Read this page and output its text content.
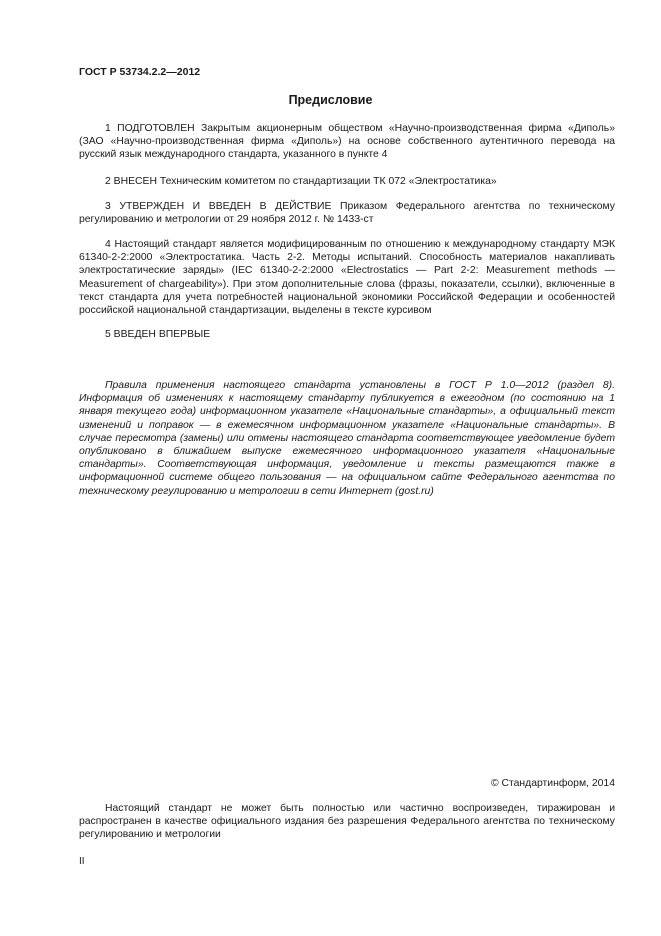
ГОСТ Р 53734.2.2—2012
Предисловие

1 ПОДГОТОВЛЕН Закрытым акционерным обществом «Научно-производственная фирма «Диполь» (ЗАО «Научно-производственная фирма «Диполь») на основе собственного аутентичного перевода на русский язык международного стандарта, указанного в пункте 4

2 ВНЕСЕН Техническим комитетом по стандартизации ТК 072 «Электростатика»

3 УТВЕРЖДЕН И ВВЕДЕН В ДЕЙСТВИЕ Приказом Федерального агентства по техническому регулированию и метрологии от 29 ноября 2012 г. № 1433-ст

4 Настоящий стандарт является модифицированным по отношению к международному стандарту МЭК 61340-2-2:2000 «Электростатика. Часть 2-2. Методы испытаний. Способность материалов накапливать электростатические заряды» (IEC 61340-2-2:2000 «Electrostatics — Part 2-2: Measurement methods — Measurement of chargeability»). При этом дополнительные слова (фразы, показатели, ссылки), включенные в текст стандарта для учета потребностей национальной экономики Российской Федерации и особенностей российской национальной стандартизации, выделены в тексте курсивом

5 ВВЕДЕН ВПЕРВЫЕ

Правила применения настоящего стандарта установлены в ГОСТ Р 1.0—2012 (раздел 8). Информация об изменениях к настоящему стандарту публикуется в ежегодном (по состоянию на 1 января текущего года) информационном указателе «Национальные стандарты», а официальный текст изменений и поправок — в ежемесячном информационном указателе «Национальные стандарты». В случае пересмотра (замены) или отмены настоящего стандарта соответствующее уведомление будет опубликовано в ближайшем выпуске ежемесячного информационного указателя «Национальные стандарты». Соответствующая информация, уведомление и тексты размещаются также в информационной системе общего пользования — на официальном сайте Федерального агентства по техническому регулированию и метрологии в сети Интернет (gost.ru)

© Стандартинформ, 2014

Настоящий стандарт не может быть полностью или частично воспроизведен, тиражирован и распространен в качестве официального издания без разрешения Федерального агентства по техническому регулированию и метрологии

II
